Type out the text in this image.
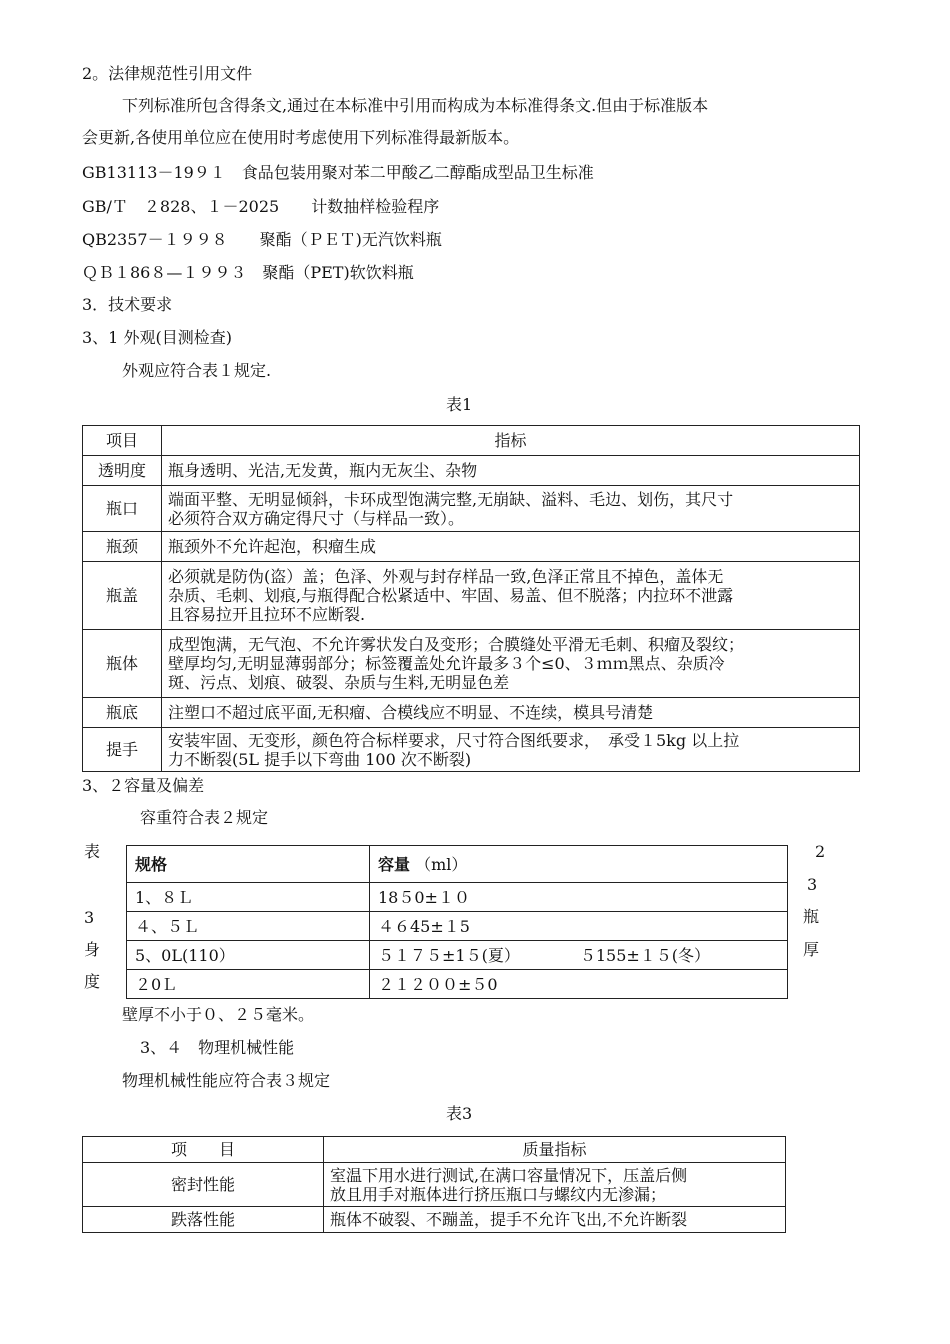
2。法律规范性引用文件
下列标准所包含得条文,通过在本标准中引用而构成为本标准得条文.但由于标准版本
会更新,各使用单位应在使用时考虑使用下列标准得最新版本。
GB13113－19９１　食品包装用聚对苯二甲酸乙二醇酯成型品卫生标准
GB/Ｔ　２828、１－2025　　计数抽样检验程序
QB2357－１９９８　　聚酯（ＰＥＴ)无汽饮料瓶
ＱＢ１86８—１９９３　聚酯（PET)软饮料瓶
3．技术要求
3、1 外观(目测检查)
外观应符合表１规定.
表1
项目	指标
透明度	瓶身透明、光洁,无发黄，瓶内无灰尘、杂物

瓶口	端面平整、无明显倾斜，卡环成型饱满完整,无崩缺、溢料、毛边、划伤，其尺寸
必须符合双方确定得尺寸（与样品一致）。

瓶颈	瓶颈外不允许起泡，积瘤生成

瓶盖	必须就是防伪(盗）盖；色泽、外观与封存样品一致,色泽正常且不掉色，盖体无
杂质、毛刺、划痕,与瓶得配合松紧适中、牢固、易盖、但不脱落；内拉环不泄露
且容易拉开且拉环不应断裂.

瓶体	成型饱满，无气泡、不允许雾状发白及变形；合膜缝处平滑无毛刺、积瘤及裂纹；
壁厚均匀,无明显薄弱部分；标签覆盖处允许最多３个≤0、３ｍｍ黑点、杂质冷
斑、污点、划痕、破裂、杂质与生料,无明显色差

瓶底	注塑口不超过底平面,无积瘤、合模线应不明显、不连续，模具号清楚

提手	安装牢固、无变形，颜色符合标样要求，尺寸符合图纸要求，　承受１5kg 以上拉
力不断裂(5L 提手以下弯曲 100 次不断裂)
3、２容量及偏差
容重符合表２规定
表
3
身
度
2
3
瓶
厚
规格	容量 （ml）
1、８Ｌ	18５0±１０
４、５Ｌ	４６45±１5
5、0L(110）	５１７５±1５(夏） ５155±１５(冬）
２0Ｌ	２１２００±５0
壁厚不小于０、２５毫米。
3、４　物理机械性能
物理机械性能应符合表３规定
表3
项　　目	质量指标
密封性能	室温下用水进行测试,在满口容量情况下，压盖后侧
放且用手对瓶体进行挤压瓶口与螺纹内无渗漏；

跌落性能	瓶体不破裂、不蹦盖，提手不允许飞出,不允许断裂
